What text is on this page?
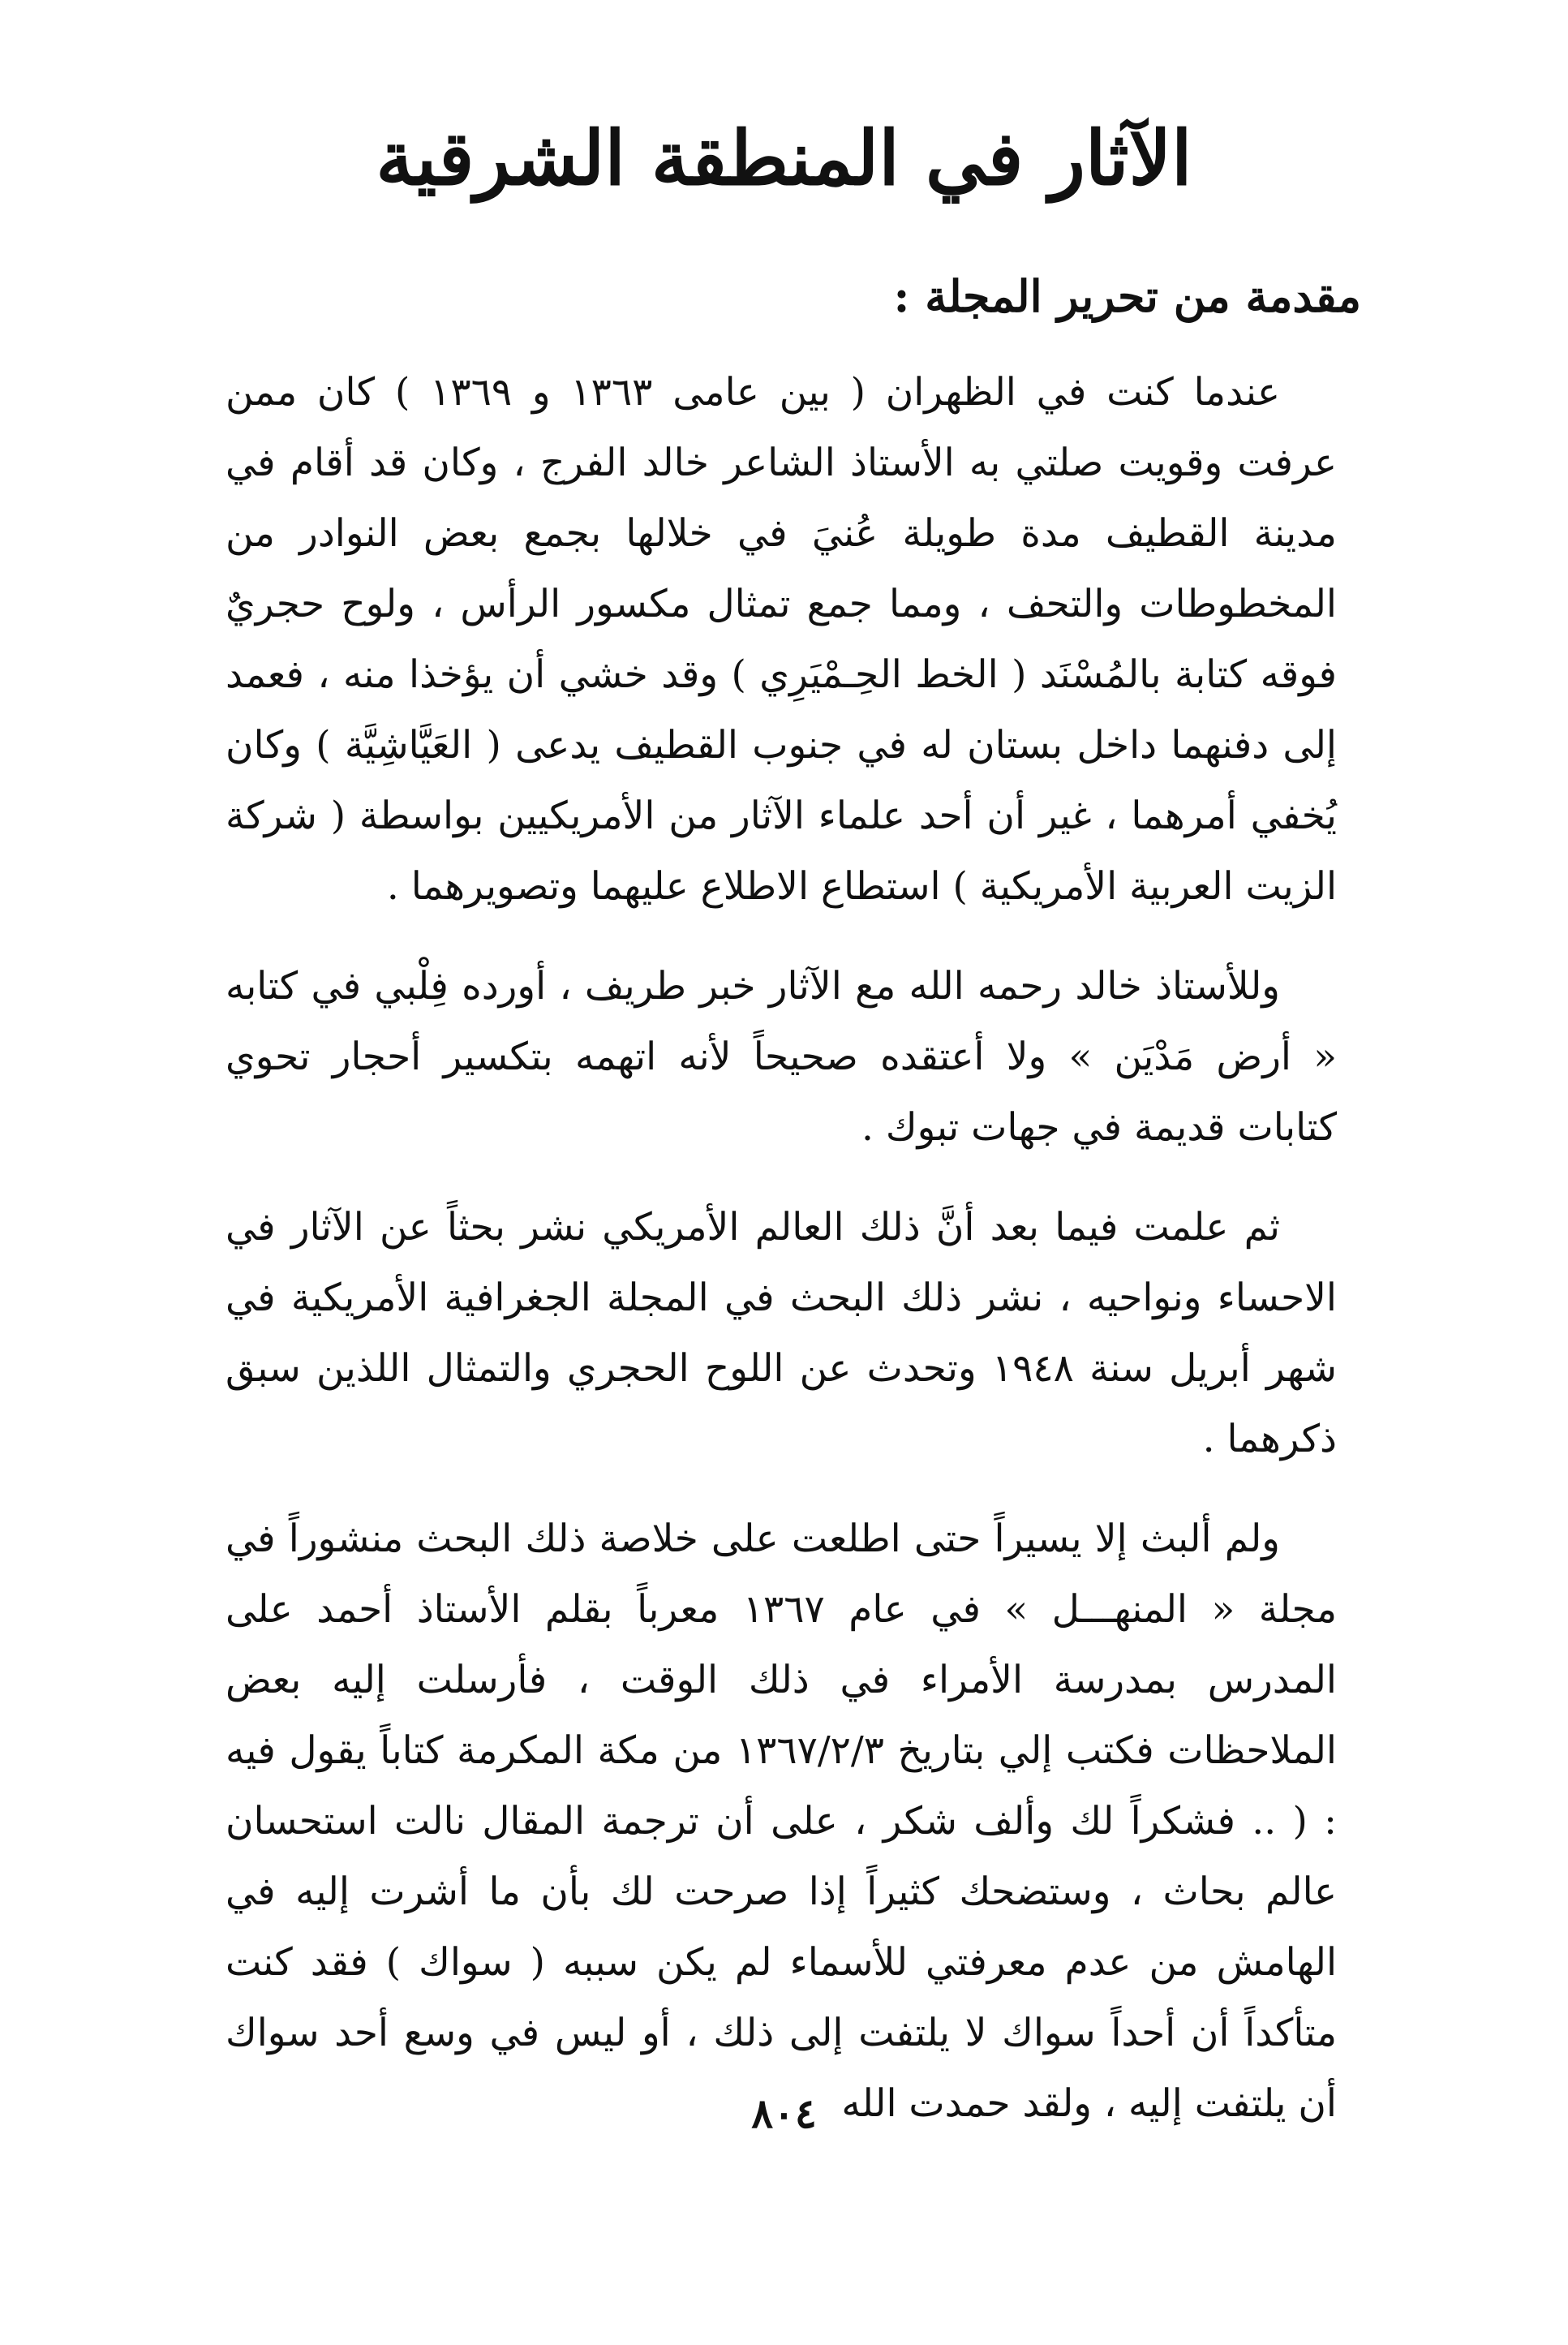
الآثار في المنطقة الشرقية
مقدمة من تحرير المجلة :

عندما كنت في الظهران ( بين عامى ١٣٦٣ و ١٣٦٩ ) كان ممن عرفت وقويت صلتي به الأستاذ الشاعر خالد الفرج ، وكان قد أقام في مدينة القطيف مدة طويلة عُنيَ في خلالها بجمع بعض النوادر من المخطوطات والتحف ، ومما جمع تمثال مكسور الرأس ، ولوح حجريٌ فوقه كتابة بالمُسْنَد ( الخط الحِـمْيَرِي ) وقد خشي أن يؤخذا منه ، فعمد إلى دفنهما داخل بستان له في جنوب القطيف يدعى ( العَيَّاشِيَّة ) وكان يُخفي أمرهما ، غير أن أحد علماء الآثار من الأمريكيين بواسطة ( شركة الزيت العربية الأمريكية ) استطاع الاطلاع عليهما وتصويرهما .

وللأستاذ خالد رحمه الله مع الآثار خبر طريف ، أورده فِلْبي في كتابه « أرض مَدْيَن » ولا أعتقده صحيحاً لأنه اتهمه بتكسير أحجار تحوي كتابات قديمة في جهات تبوك .

ثم علمت فيما بعد أنَّ ذلك العالم الأمريكي نشر بحثاً عن الآثار في الاحساء ونواحيه ، نشر ذلك البحث في المجلة الجغرافية الأمريكية في شهر أبريل سنة ١٩٤٨ وتحدث عن اللوح الحجري والتمثال اللذين سبق ذكرهما .

ولم ألبث إلا يسيراً حتى اطلعت على خلاصة ذلك البحث منشوراً في مجلة « المنهـــل » في عام ١٣٦٧ معرباً بقلم الأستاذ أحمد على المدرس بمدرسة الأمراء في ذلك الوقت ، فأرسلت إليه بعض الملاحظات فكتب إلي بتاريخ ١٣٦٧/٢/٣ من مكة المكرمة كتاباً يقول فيه : ( .. فشكراً لك وألف شكر ، على أن ترجمة المقال نالت استحسان عالم بحاث ، وستضحك كثيراً إذا صرحت لك بأن ما أشرت إليه في الهامش من عدم معرفتي للأسماء لم يكن سببه ( سواك ) فقد كنت متأكداً أن أحداً سواك لا يلتفت إلى ذلك ، أو ليس في وسع أحد سواك أن يلتفت إليه ، ولقد حمدت الله

٨٠٤
